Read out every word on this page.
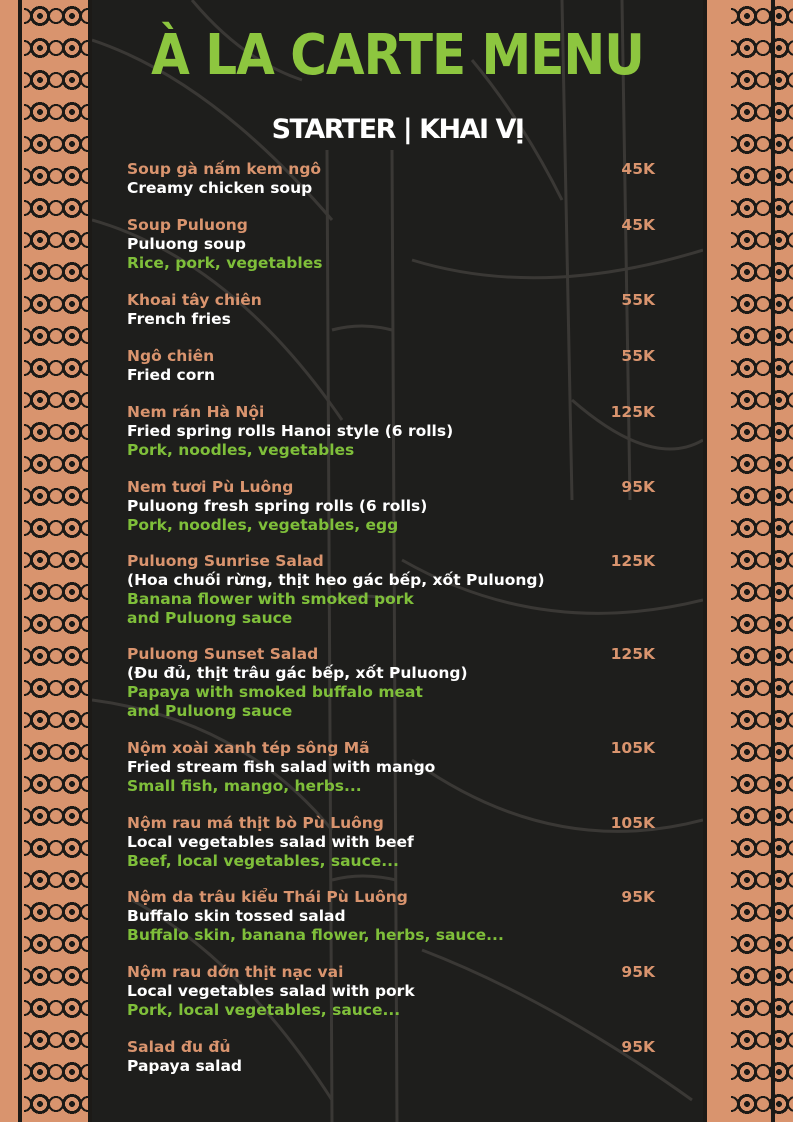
À LA CARTE MENU
STARTER | KHAI VỊ
Soup gà nấm kem ngô
Creamy chicken soup
45K
Soup Puluong
Puluong soup
Rice, pork, vegetables
45K
Khoai tây chiên
French fries
55K
Ngô chiên
Fried corn
55K
Nem rán Hà Nội
Fried spring rolls Hanoi style (6 rolls)
Pork, noodles, vegetables
125K
Nem tươi Pù Luông
Puluong fresh spring rolls (6 rolls)
Pork, noodles, vegetables, egg
95K
Puluong Sunrise Salad
(Hoa chuối rừng, thịt heo gác bếp, xốt Puluong)
Banana flower with smoked pork
and Puluong sauce
125K
Puluong Sunset Salad
(Đu đủ, thịt trâu gác bếp, xốt Puluong)
Papaya with smoked buffalo meat
and Puluong sauce
125K
Nộm xoài xanh tép sông Mã
Fried stream fish salad with mango
Small fish, mango, herbs...
105K
Nộm rau má thịt bò Pù Luông
Local vegetables salad with beef
Beef, local vegetables, sauce...
105K
Nộm da trâu kiểu Thái Pù Luông
Buffalo skin tossed salad
Buffalo skin, banana flower, herbs, sauce...
95K
Nộm rau dớn thịt nạc vai
Local vegetables salad with pork
Pork, local vegetables, sauce...
95K
Salad đu đủ
Papaya salad
95K
